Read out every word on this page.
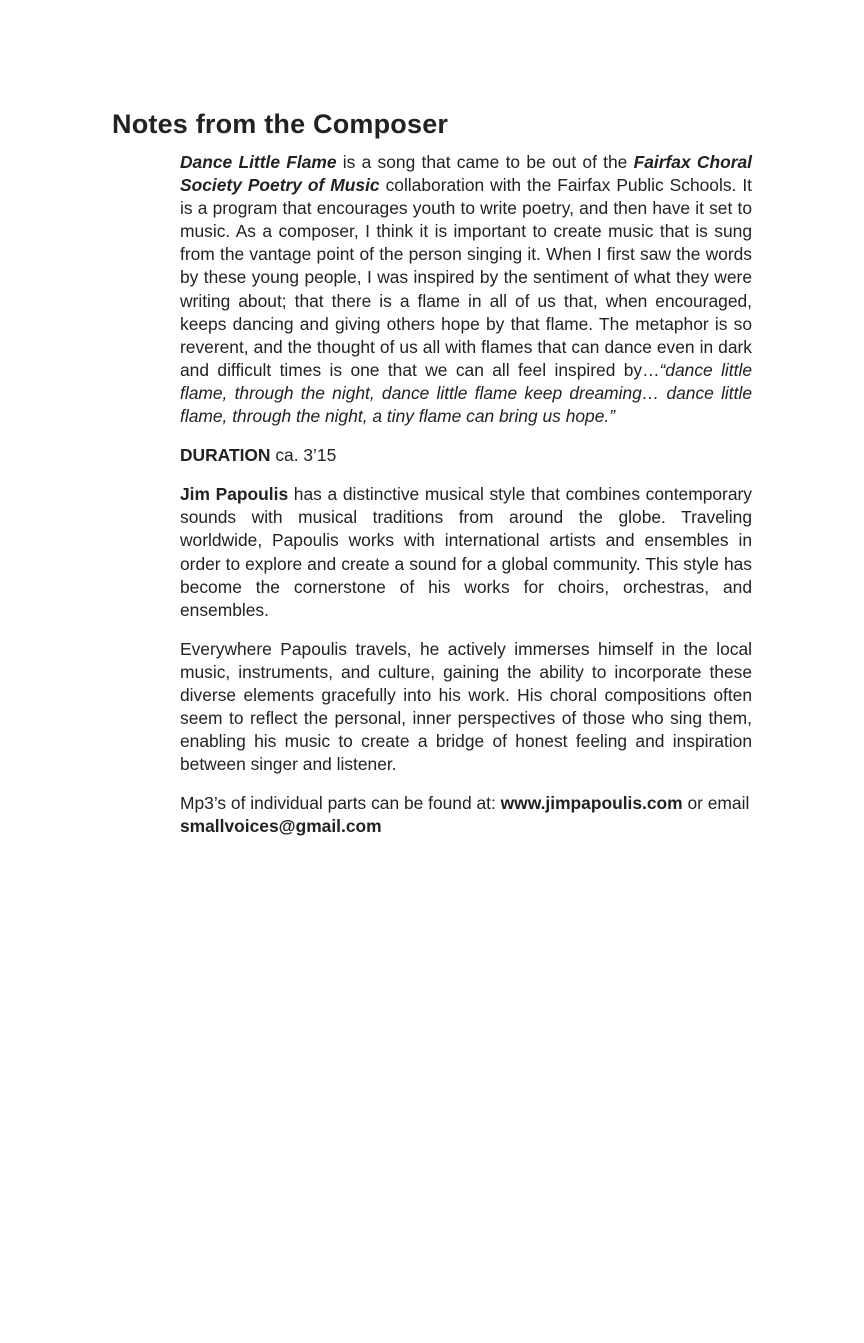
Notes from the Composer

Dance Little Flame is a song that came to be out of the Fairfax Choral Society Poetry of Music collaboration with the Fairfax Public Schools. It is a program that encourages youth to write poetry, and then have it set to music. As a composer, I think it is important to create music that is sung from the vantage point of the person singing it. When I first saw the words by these young people, I was inspired by the sentiment of what they were writing about; that there is a flame in all of us that, when encouraged, keeps dancing and giving others hope by that flame. The metaphor is so reverent, and the thought of us all with flames that can dance even in dark and difficult times is one that we can all feel inspired by…“dance little flame, through the night, dance little flame keep dreaming… dance little flame, through the night, a tiny flame can bring us hope.”

DURATION ca. 3’15

Jim Papoulis has a distinctive musical style that combines contemporary sounds with musical traditions from around the globe. Traveling worldwide, Papoulis works with international artists and ensembles in order to explore and create a sound for a global community. This style has become the cornerstone of his works for choirs, orchestras, and ensembles.

Everywhere Papoulis travels, he actively immerses himself in the local music, instruments, and culture, gaining the ability to incorporate these diverse elements gracefully into his work. His choral compositions often seem to reflect the personal, inner perspectives of those who sing them, enabling his music to create a bridge of honest feeling and inspiration between singer and listener.

Mp3’s of individual parts can be found at: www.jimpapoulis.com or email smallvoices@gmail.com
